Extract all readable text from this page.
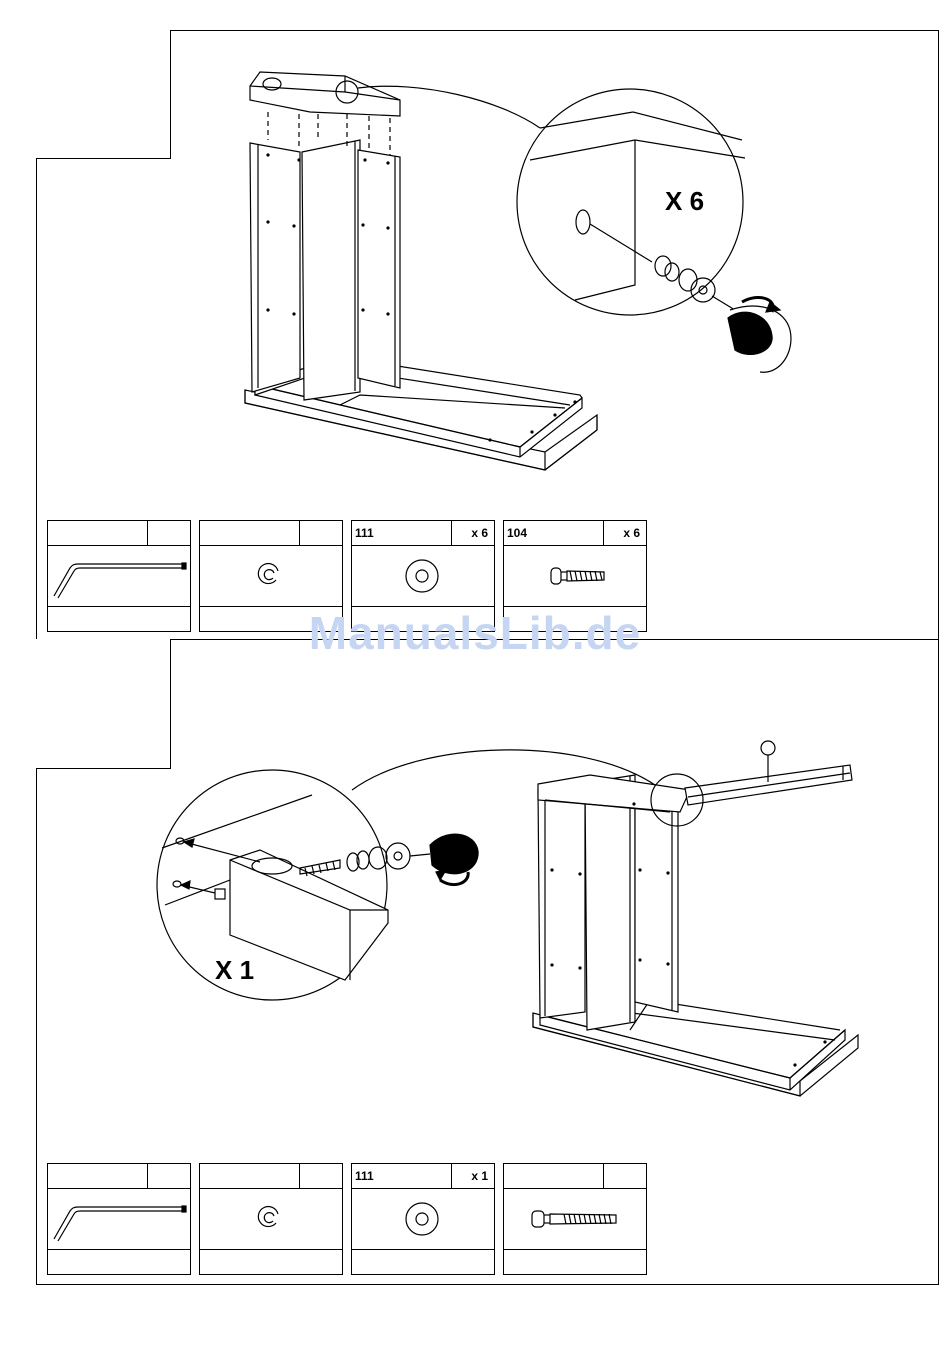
X 6
111	x 6 104	x 6
X 1
111	x 1
ManualsLib.de
